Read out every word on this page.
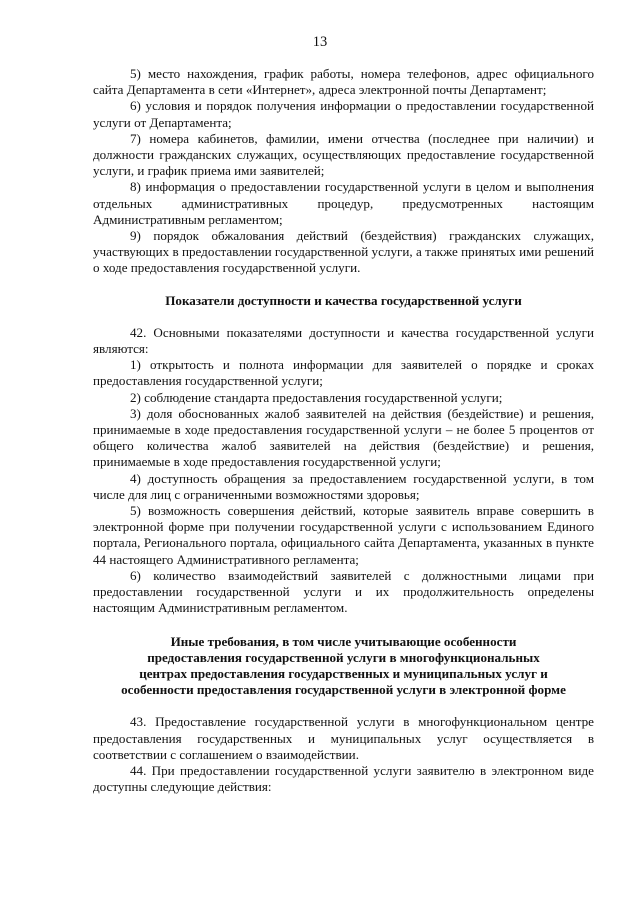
13

5) место нахождения, график работы, номера телефонов, адрес официального сайта Департамента в сети «Интернет», адреса электронной почты Департамент;

6) условия и порядок получения информации о предоставлении государственной услуги от Департамента;

7) номера кабинетов, фамилии, имени отчества (последнее при наличии) и должности гражданских служащих, осуществляющих предоставление государственной услуги, и график приема ими заявителей;

8) информация о предоставлении государственной услуги в целом и выполнения отдельных административных процедур, предусмотренных настоящим Административным регламентом;

9) порядок обжалования действий (бездействия) гражданских служащих, участвующих в предоставлении государственной услуги, а также принятых ими решений о ходе предоставления государственной услуги.

Показатели доступности и качества государственной услуги

42. Основными показателями доступности и качества государственной услуги являются:

1) открытость и полнота информации для заявителей о порядке и сроках предоставления государственной услуги;

2) соблюдение стандарта предоставления государственной услуги;

3) доля обоснованных жалоб заявителей на действия (бездействие) и решения, принимаемые в ходе предоставления государственной услуги – не более 5 процентов от общего количества жалоб заявителей на действия (бездействие) и решения, принимаемые в ходе предоставления государственной услуги;

4) доступность обращения за предоставлением государственной услуги, в том числе для лиц с ограниченными возможностями здоровья;

5) возможность совершения действий, которые заявитель вправе совершить в электронной форме при получении государственной услуги с использованием Единого портала, Регионального портала, официального сайта Департамента, указанных в пункте 44 настоящего Административного регламента;

6) количество взаимодействий заявителей с должностными лицами при предоставлении государственной услуги и их продолжительность определены настоящим Административным регламентом.

Иные требования, в том числе учитывающие особенности
предоставления государственной услуги в многофункциональных
центрах предоставления государственных и муниципальных услуг и
особенности предоставления государственной услуги в электронной форме

43. Предоставление государственной услуги в многофункциональном центре предоставления государственных и муниципальных услуг осуществляется в соответствии с соглашением о взаимодействии.

44. При предоставлении государственной услуги заявителю в электронном виде доступны следующие действия:
